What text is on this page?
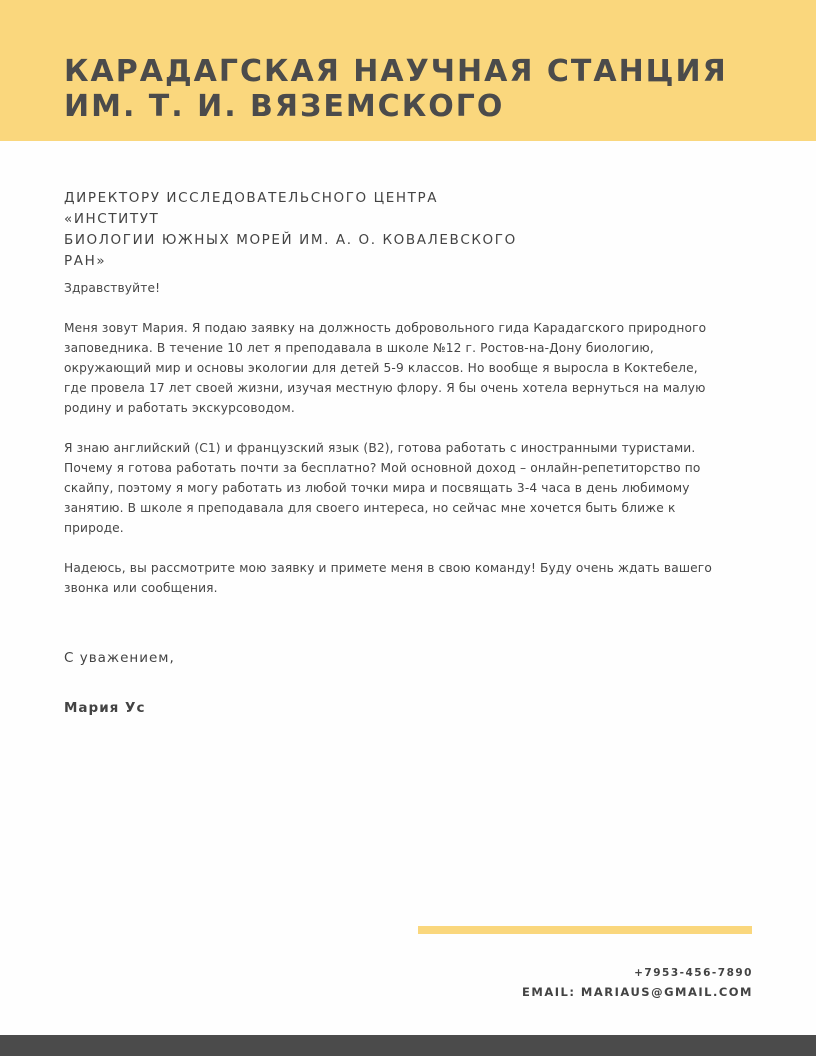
КАРАДАГСКАЯ НАУЧНАЯ СТАНЦИЯ
ИМ. Т. И. ВЯЗЕМСКОГО
ДИРЕКТОРУ ИССЛЕДОВАТЕЛЬСНОГО ЦЕНТРА «ИНСТИТУТ
БИОЛОГИИ ЮЖНЫХ МОРЕЙ ИМ. А. О. КОВАЛЕВСКОГО
РАН»

Здравствуйте!

Меня зовут Мария. Я подаю заявку на должность добровольного гида Карадагского природного
заповедника. В течение 10 лет я преподавала в школе №12 г. Ростов-на-Дону биологию,
окружающий мир и основы экологии для детей 5-9 классов. Но вообще я выросла в Коктебеле,
где провела 17 лет своей жизни, изучая местную флору. Я бы очень хотела вернуться на малую
родину и работать экскурсоводом.

Я знаю английский (С1) и французский язык (В2), готова работать с иностранными туристами.
Почему я готова работать почти за бесплатно? Мой основной доход – онлайн-репетиторство по
скайпу, поэтому я могу работать из любой точки мира и посвящать 3-4 часа в день любимому
занятию. В школе я преподавала для своего интереса, но сейчас мне хочется быть ближе к
природе.

Надеюсь, вы рассмотрите мою заявку и примете меня в свою команду! Буду очень ждать вашего
звонка или сообщения.

С уважением,
Мария Ус
+7953-456-7890
EMAIL: MARIAUS@GMAIL.COM
